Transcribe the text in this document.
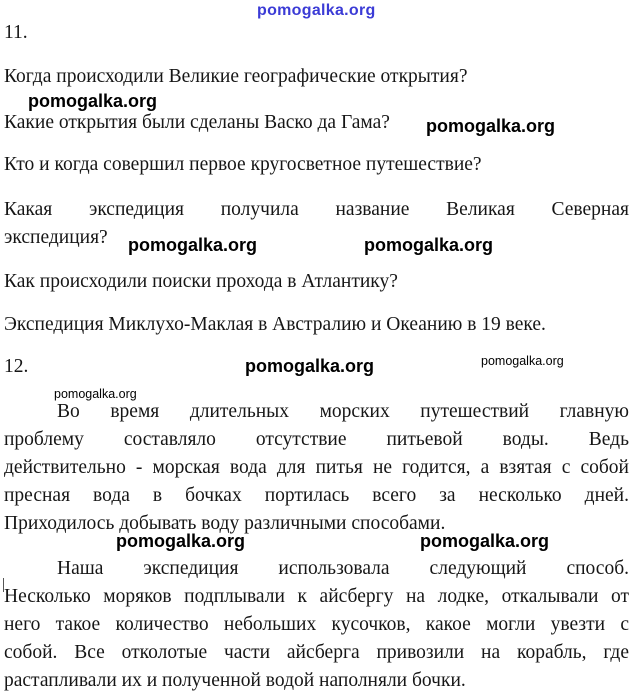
pomogalka.org
pomogalka.org
pomogalka.org
pomogalka.org	pomogalka.org
pomogalka.org	pomogalka.org
pomogalka.org
pomogalka.org	pomogalka.org

11.

Когда происходили Великие географические открытия?

Какие открытия были сделаны Васко да Гама?

Кто и когда совершил первое кругосветное путешествие?

Какая экспедиция получила название Великая Северная

экспедиция?

Как происходили поиски прохода в Атлантику?

Экспедиция Миклухо-Маклая в Австралию и Океанию в 19 веке.

12.

Во время длительных морских путешествий главную

проблему составляло отсутствие питьевой воды. Ведь

действительно - морская вода для питья не годится, а взятая с собой

пресная вода в бочках портилась всего за несколько дней.

Приходилось добывать воду различными способами.

Наша экспедиция использовала следующий способ.

Несколько моряков подплывали к айсбергу на лодке, откалывали от

него такое количество небольших кусочков, какое могли увезти с

собой. Все отколотые части айсберга привозили на корабль, где

растапливали их и полученной водой наполняли бочки.
